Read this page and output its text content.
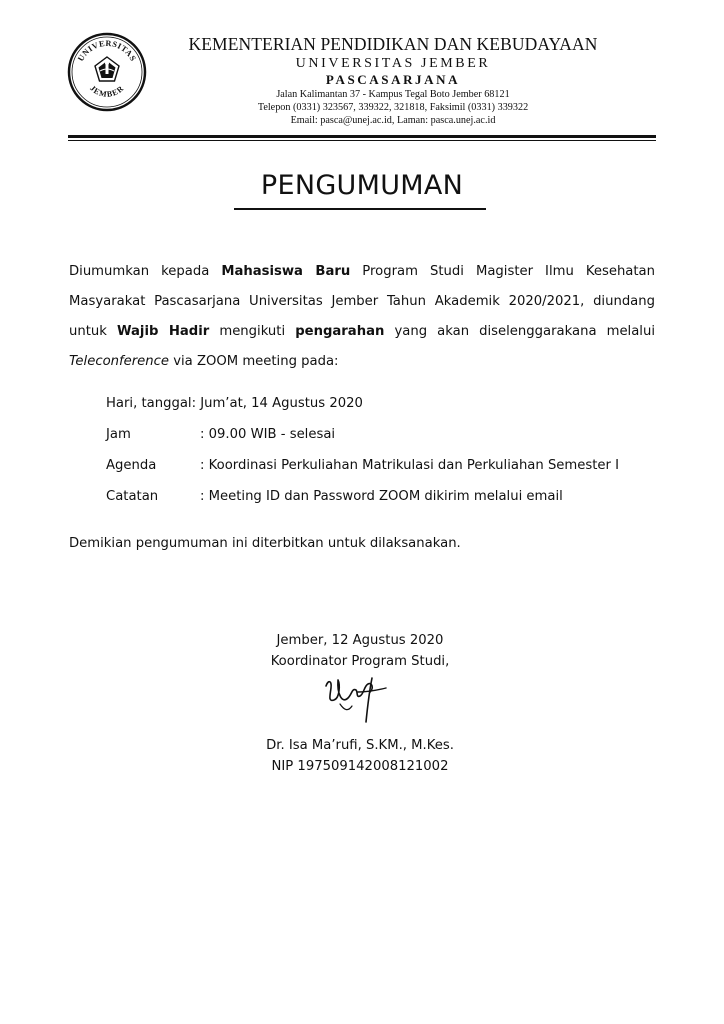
UNIVERSITAS
JEMBER
KEMENTERIAN PENDIDIKAN DAN KEBUDAYAAN
UNIVERSITAS JEMBER
PASCASARJANA
Jalan Kalimantan 37 - Kampus Tegal Boto Jember 68121
Telepon (0331) 323567, 339322, 321818, Faksimil (0331) 339322
Email: pasca@unej.ac.id, Laman: pasca.unej.ac.id
PENGUMUMAN
Diumumkan kepada Mahasiswa Baru Program Studi Magister Ilmu Kesehatan Masyarakat Pascasarjana Universitas Jember Tahun Akademik 2020/2021, diundang untuk Wajib Hadir mengikuti pengarahan yang akan diselenggarakana melalui Teleconference via ZOOM meeting pada:
Hari, tanggal: Jum’at, 14 Agustus 2020
Jam	: 09.00 WIB - selesai
Agenda	: Koordinasi Perkuliahan Matrikulasi dan Perkuliahan Semester I
Catatan	: Meeting ID dan Password ZOOM dikirim melalui email
Demikian pengumuman ini diterbitkan untuk dilaksanakan.
Jember, 12 Agustus 2020
Koordinator Program Studi,
Dr. Isa Ma’rufi, S.KM., M.Kes.
NIP 197509142008121002
